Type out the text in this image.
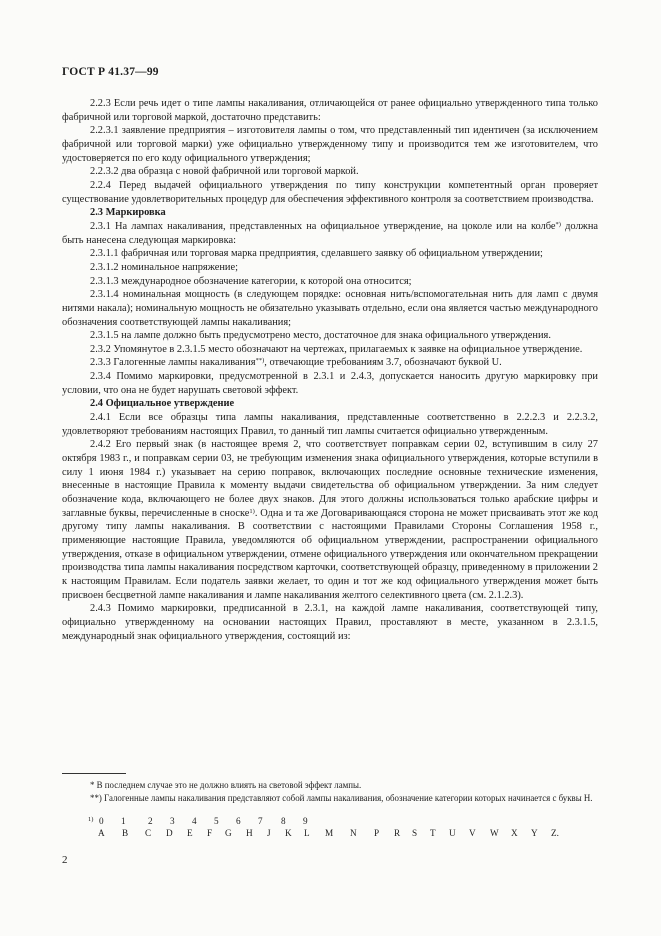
ГОСТ Р 41.37—99

2.2.3 Если речь идет о типе лампы накаливания, отличающейся от ранее официально утвержденного типа только фабричной или торговой маркой, достаточно представить:

2.2.3.1 заявление предприятия – изготовителя лампы о том, что представленный тип идентичен (за исключением фабричной или торговой марки) уже официально утвержденному типу и производится тем же изготовителем, что удостоверяется по его коду официального утверждения;

2.2.3.2 два образца с новой фабричной или торговой маркой.

2.2.4 Перед выдачей официального утверждения по типу конструкции компетентный орган проверяет существование удовлетворительных процедур для обеспечения эффективного контроля за соответствием производства.

2.3 Маркировка

2.3.1 На лампах накаливания, представленных на официальное утверждение, на цоколе или на колбе*) должна быть нанесена следующая маркировка:

2.3.1.1 фабричная или торговая марка предприятия, сделавшего заявку об официальном утверждении;

2.3.1.2 номинальное напряжение;

2.3.1.3 международное обозначение категории, к которой она относится;

2.3.1.4 номинальная мощность (в следующем порядке: основная нить/вспомогательная нить для ламп с двумя нитями накала); номинальную мощность не обязательно указывать отдельно, если она является частью международного обозначения соответствующей лампы накаливания;

2.3.1.5 на лампе должно быть предусмотрено место, достаточное для знака официального утверждения.

2.3.2 Упомянутое в 2.3.1.5 место обозначают на чертежах, прилагаемых к заявке на официальное утверждение.

2.3.3 Галогенные лампы накаливания**), отвечающие требованиям 3.7, обозначают буквой U.

2.3.4 Помимо маркировки, предусмотренной в 2.3.1 и 2.4.3, допускается наносить другую маркировку при условии, что она не будет нарушать световой эффект.

2.4 Официальное утверждение

2.4.1 Если все образцы типа лампы накаливания, представленные соответственно в 2.2.2.3 и 2.2.3.2, удовлетворяют требованиям настоящих Правил, то данный тип лампы считается официально утвержденным.

2.4.2 Его первый знак (в настоящее время 2, что соответствует поправкам серии 02, вступившим в силу 27 октября 1983 г., и поправкам серии 03, не требующим изменения знака официального утверждения, которые вступили в силу 1 июня 1984 г.) указывает на серию поправок, включающих последние основные технические изменения, внесенные в настоящие Правила к моменту выдачи свидетельства об официальном утверждении. За ним следует обозначение кода, включающего не более двух знаков. Для этого должны использоваться только арабские цифры и заглавные буквы, перечисленные в сноске$^{1)}$. Одна и та же Договаривающаяся сторона не может присваивать этот же код другому типу лампы накаливания. В соответствии с настоящими Правилами Стороны Соглашения 1958 г., применяющие настоящие Правила, уведомляются об официальном утверждении, распространении официального утверждения, отказе в официальном утверждении, отмене официального утверждения или окончательном прекращении производства типа лампы накаливания посредством карточки, соответствующей образцу, приведенному в приложении 2 к настоящим Правилам. Если податель заявки желает, то один и тот же код официального утверждения может быть присвоен бесцветной лампе накаливания и лампе накаливания желтого селективного цвета (см. 2.1.2.3).

2.4.3 Помимо маркировки, предписанной в 2.3.1, на каждой лампе накаливания, соответствующей типу, официально утвержденному на основании настоящих Правил, проставляют в месте, указанном в 2.3.1.5, международный знак официального утверждения, состоящий из:

* В последнем случае это не должно влиять на световой эффект лампы.
**) Галогенные лампы накаливания представляют собой лампы накаливания, обозначение категории которых начинается с буквы Н.
1) 0 1 2 3 4 5 6 7 8 9
A B C D E F G H J K L M N P R S T U V W X Y Z.
2
